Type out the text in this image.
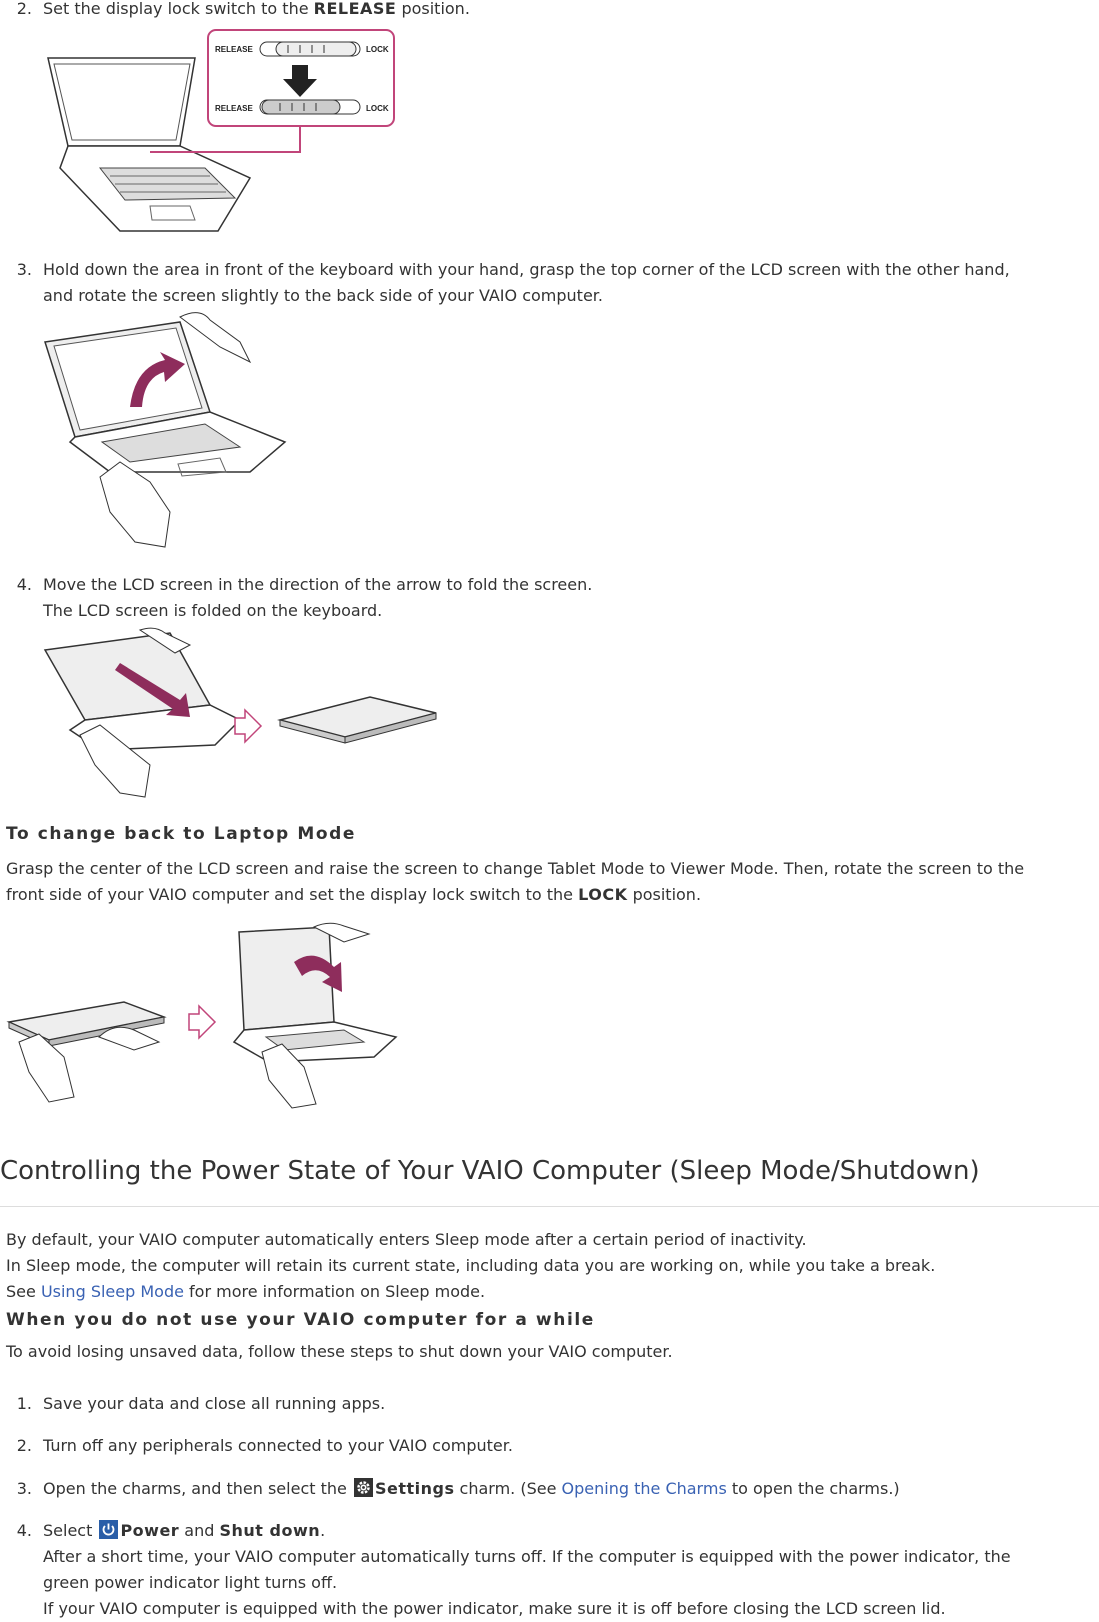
2. Set the display lock switch to the RELEASE position.
RELEASE	LOCK
RELEASE	LOCK
3. Hold down the area in front of the keyboard with your hand, grasp the top corner of the LCD screen with the other hand,
and rotate the screen slightly to the back side of your VAIO computer.
4. Move the LCD screen in the direction of the arrow to fold the screen.
The LCD screen is folded on the keyboard.
To change back to Laptop Mode
Grasp the center of the LCD screen and raise the screen to change Tablet Mode to Viewer Mode. Then, rotate the screen to the
front side of your VAIO computer and set the display lock switch to the LOCK position.
Controlling the Power State of Your VAIO Computer (Sleep Mode/Shutdown)
By default, your VAIO computer automatically enters Sleep mode after a certain period of inactivity.
In Sleep mode, the computer will retain its current state, including data you are working on, while you take a break.
See Using Sleep Mode for more information on Sleep mode.
When you do not use your VAIO computer for a while
To avoid losing unsaved data, follow these steps to shut down your VAIO computer.
1. Save your data and close all running apps.
2. Turn off any peripherals connected to your VAIO computer.
3. Open the charms, and then select the Settings charm. (See Opening the Charms to open the charms.)
4. Select Power and Shut down.
After a short time, your VAIO computer automatically turns off. If the computer is equipped with the power indicator, the
green power indicator light turns off.
If your VAIO computer is equipped with the power indicator, make sure it is off before closing the LCD screen lid.
